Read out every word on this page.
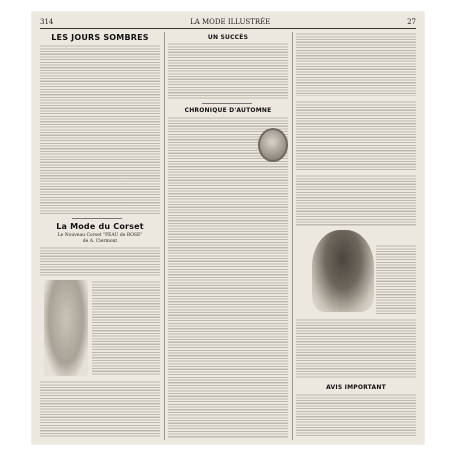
314	LA MODE ILLUSTRÉE	27
LES JOURS SOMBRES
La Mode du Corset
Le Nouveau Corset "PEAU de ROSE"
de A. Clermont
UN SUCCÈS
CHRONIQUE D'AUTOMNE
AVIS IMPORTANT
